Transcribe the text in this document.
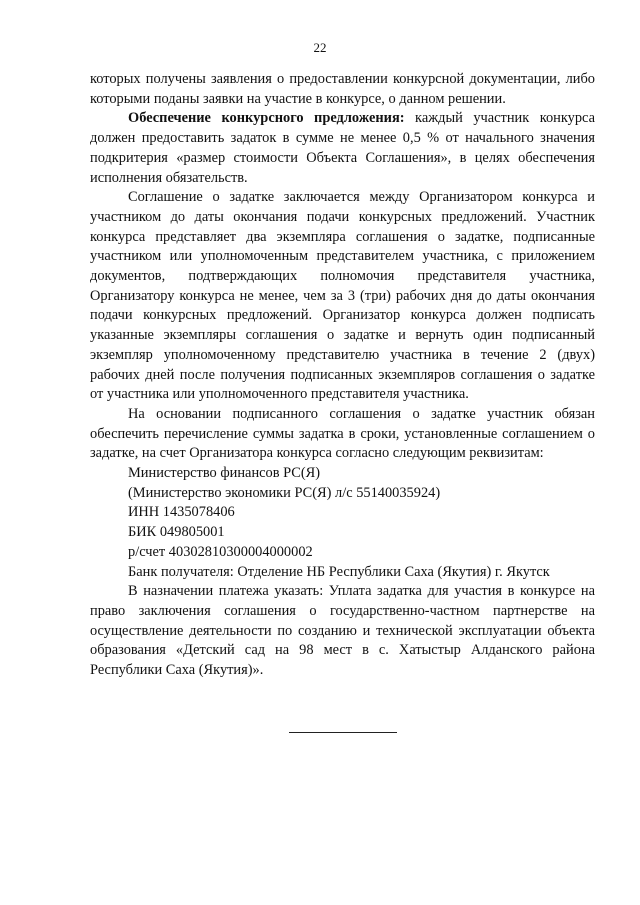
22

которых получены заявления о предоставлении конкурсной документации, либо которыми поданы заявки на участие в конкурсе, о данном решении.

Обеспечение конкурсного предложения: каждый участник конкурса должен предоставить задаток в сумме не менее 0,5 % от начального значения подкритерия «размер стоимости Объекта Соглашения», в целях обеспечения исполнения обязательств.

Соглашение о задатке заключается между Организатором конкурса и участником до даты окончания подачи конкурсных предложений. Участник конкурса представляет два экземпляра соглашения о задатке, подписанные участником или уполномоченным представителем участника, с приложением документов, подтверждающих полномочия представителя участника, Организатору конкурса не менее, чем за 3 (три) рабочих дня до даты окончания подачи конкурсных предложений. Организатор конкурса должен подписать указанные экземпляры соглашения о задатке и вернуть один подписанный экземпляр уполномоченному представителю участника в течение 2 (двух) рабочих дней после получения подписанных экземпляров соглашения о задатке от участника или уполномоченного представителя участника.

На основании подписанного соглашения о задатке участник обязан обеспечить перечисление суммы задатка в сроки, установленные соглашением о задатке, на счет Организатора конкурса согласно следующим реквизитам:

Министерство финансов РС(Я)

(Министерство экономики РС(Я) л/с 55140035924)

ИНН 1435078406

БИК 049805001

р/счет 40302810300004000002

Банк получателя: Отделение НБ Республики Саха (Якутия) г. Якутск

В назначении платежа указать: Уплата задатка для участия в конкурсе на право заключения соглашения о государственно-частном партнерстве на осуществление деятельности по созданию и технической эксплуатации объекта образования «Детский сад на 98 мест в с. Хатыстыр Алданского района Республики Саха (Якутия)».
